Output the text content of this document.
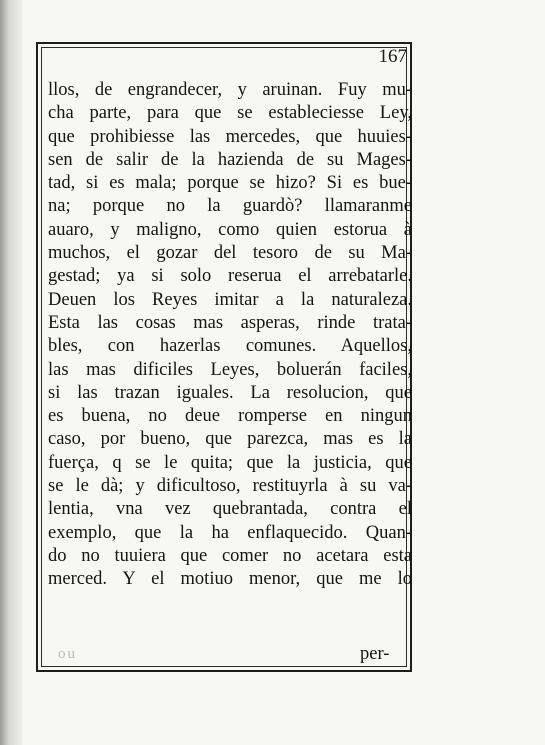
167
llos, de engrandecer, y aruinan. Fuy mu-
cha parte, para que se estableciesse Ley,
que prohibiesse las mercedes, que huuies-
sen de salir de la hazienda de su Mages-
tad, si es mala; porque se hizo? Si es bue-
na; porque no la guardò? llamaranme
auaro, y maligno, como quien estorua à
muchos, el gozar del tesoro de su Ma-
gestad; ya si solo reserua el arrebatarle.
Deuen los Reyes imitar a la naturaleza.
Esta las cosas mas asperas, rinde trata-
bles, con hazerlas comunes. Aquellos,
las mas dificiles Leyes, boluerán faciles,
si las trazan iguales. La resolucion, que
es buena, no deue romperse en ningun
caso, por bueno, que parezca, mas es la
fuerça, q se le quita; que la justicia, que
se le dà; y dificultoso, restituyrla à su va-
lentia, vna vez quebrantada, contra el
exemplo, que la ha enflaquecido. Quan-
do no tuuiera que comer no acetara esta
merced. Y el motiuo menor, que me lo
ou	per-
